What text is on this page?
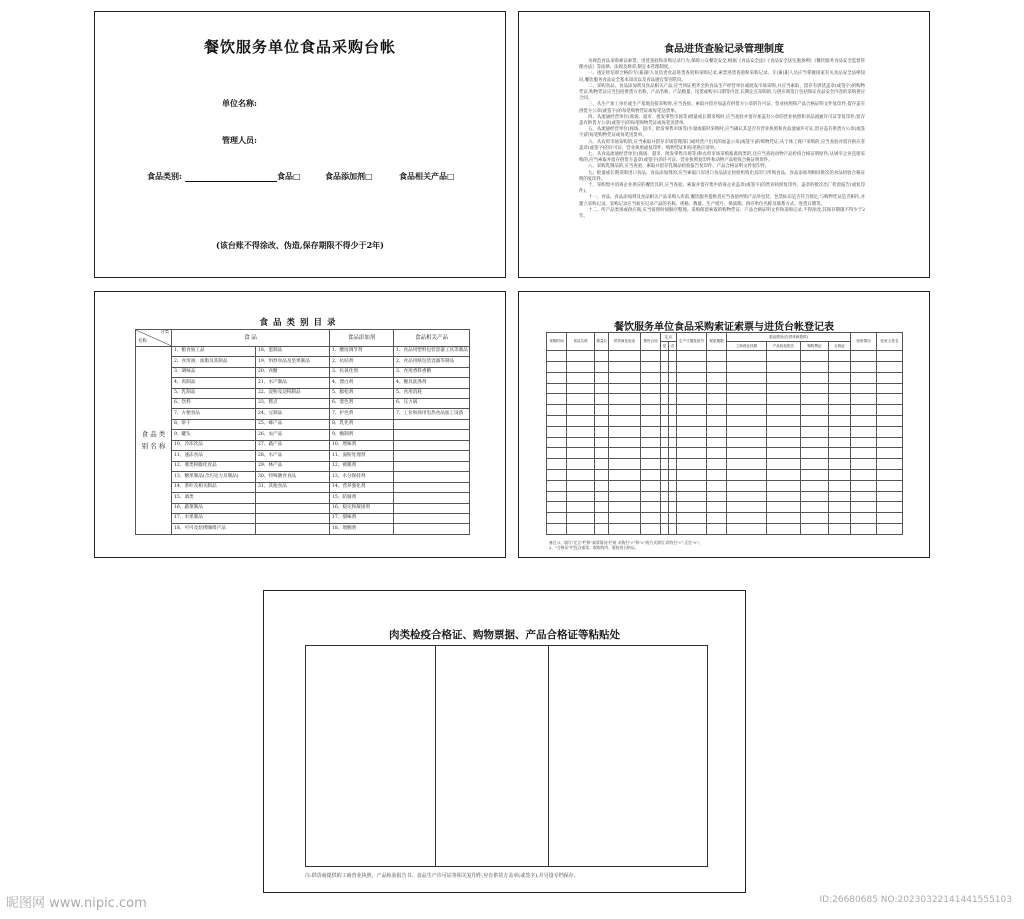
餐饮服务单位食品采购台帐
单位名称:
管理人员:
食品类别:	食品□	食品添加剂□	食品相关产品□
(该台账不得涂改、伪造,保存期限不得少于2年)
食品进货查验记录管理制度

为规范食品采购索证索票、进货查验和采购记录行为,保障公众餐饮安全,根据《食品安全法》《食品安全法实施条例》《餐饮服务食品安全监督管理办法》等法律、法规及规章,制定本管理制度。

一、指定经培训合格的专(兼)职人员负责食品进货查验和采购记录,索票进货查验和采购记录。专(兼)职人员应当掌握国家有关食品安全法律知识,餐饮服务食品安全基本知识以及食品感官鉴别常识。

二、采购食品、食品添加剂及食品相关产品,应当到证照齐全的食品生产经营单位或批发市场采购,并应当索取、留存有供货盖章(或签字)的购物凭证,购物凭证应当包括供货方名称、产品名称、产品数量、送货或购买日期等内容,长期定点采购的,与供应商签订包括保证食品安全内容的采购供应合同。

三、从生产加工单位或生产基地直接采购时,应当查验、索取并留存加盖有供货方公章的许可证、营业执照和产品合格证明文件复印件;留存盖有供货方公章(或签字)的每笔购物凭证或每笔送货单。

四、从流通经营单位(商场、超市、批发零售市场等)批量或长期采购时,应当查验并留存加盖有公章的营业执照和食品流通许可证等复印件;留存盖有供货方公章(或签字)的每笔购物凭证或每笔送货单。

五、从流通经营单位(商场、超市、批发零售市场等)少量或临时采购时,应当确认其是否有营业执照和食品流通许可证,留存盖有供货方公章(或签字)的每笔购物凭证或每笔送货单。

六、从农贸市场采购的,应当索取并留存市场管理部门或经营户出具的加盖公章(或签字)的购物凭证;从个体工商户采购的,应当查验并留存供应者盖章(或签字)的许可证、营业执照或复印件、购物凭证和每笔供应清单。

七、从食品流通经营单位(商场、超市、批发零售市场等)和农贸市场采购畜禽肉类的,还应当查验动物产品检疫合格证明原件;从屠宰企业直接采购的,应当索取并留存供货方盖章(或签字)的许可证、营业执照复印件和动物产品检疫合格证明原件。

八、采购乳制品的,应当查验、索取并留存乳制品检验报告复印件、产品合格证明文件复印件。

九、批量或长期采购进口食品、食品添加剂的,应当索取口岸进口食品法定检验机构出具的与所购食品、食品添加剂相同批次的食品检验合格证明的复印件。

十、采购集中消毒企业供应的餐饮具的,应当查验、索取并留存集中消毒企业盖章(或签字)的营业执照复印件、盖章的批次出厂检验报告(或复印件)。

十一、食品、食品添加剂及食品相关产品采购入库前,餐饮服务提供者应当查验所购产品外包装、包装标识是否符合规定,与购物凭证是否相符,并建立采购记录。采购记录应当如实记录产品的名称、规格、数量、生产批号、保质期、供应单位名称及联系方式、进货日期等。

十二、所产品类别或供应商,应当按照时间顺序整理。采购保留索取的购物凭证、产品合格证明文件和采购记录,不得涂改,其保存期限不得少于2年。

食品类别目录
分类
名称	食 品		食品添加剂	食品相关产品
食 品 类 别 名 称	1、粮食加工品	18、蛋制品	1、酸度调节剂	1、食品用塑料包装容器工具等制品
	2、食用油、油脂及其制品	19、坍炒食品及坚果制品	2、抗结剂	2、食品用纸包装容器等制品
	3、调味品	20、食糖	3、抗氧化剂	3、食用香料香精
	4、肉制品	21、水产制品	4、漂白剂	4、餐具洗涤剂
	5、乳制品	22、淀粉及淀粉制品	5、膨松剂	5、食用消耗
	6、饮料	23、糕点	6、着色剂	6、压力锅
	7、方便食品	24、豆制品	7、护色剂	7、工业和商用电热食品加工设备
	8、饼干	25、蜂产品	8、乳化剂	
	9、罐头	26、农产品	9、酶制剂	
	10、冷冻饮品	27、蔬产品	10、增味剂	
	11、速冻食品	28、水产品	11、面粉处理剂	
	12、薯类和膨化食品	29、林产品	12、被膜剂	
	13、糖果制品(含巧克力及制品)	30、特殊膳食食品	13、水分保持剂	
	14、茶叶及相关制品	31、其他食品	14、营养强化剂	
	15、酒类		15、防腐剂	
	16、蔬菜制品		16、稳定和凝固剂	
	17、水果制品		17、甜味剂	
	18、可可及焙烤咖啡产品		18、增稠剂	
餐饮服务单位食品采购索证索票与进货台帐登记表
采购时间	食品名称	数量()	供货商及电话	票货合同	定点		生产日期及批号	保质期限	索证情况(在供货商提供)				验收情况	验收人签名
					是	否			工商营业执照	产品检验报告	购物票证	合格证		

备注:1、填写"定点"栏和"索票情况"栏时,采购打"√"和"×"的方式填写,即有打"√",无打"×"。
2、"合格证"栏包含索票、索购的肉、蛋检疫合格证。
肉类检疫合格证、购物票据、产品合格证等粘贴处
注:供货商提供的工商营业执照、产品检验报告书、食品生产许可证等相关复印件,应有供货方盖章(或签字),并另设专档保存。
昵图网 www.nipic.com	ID:26680685 NO:20230322141441555103
